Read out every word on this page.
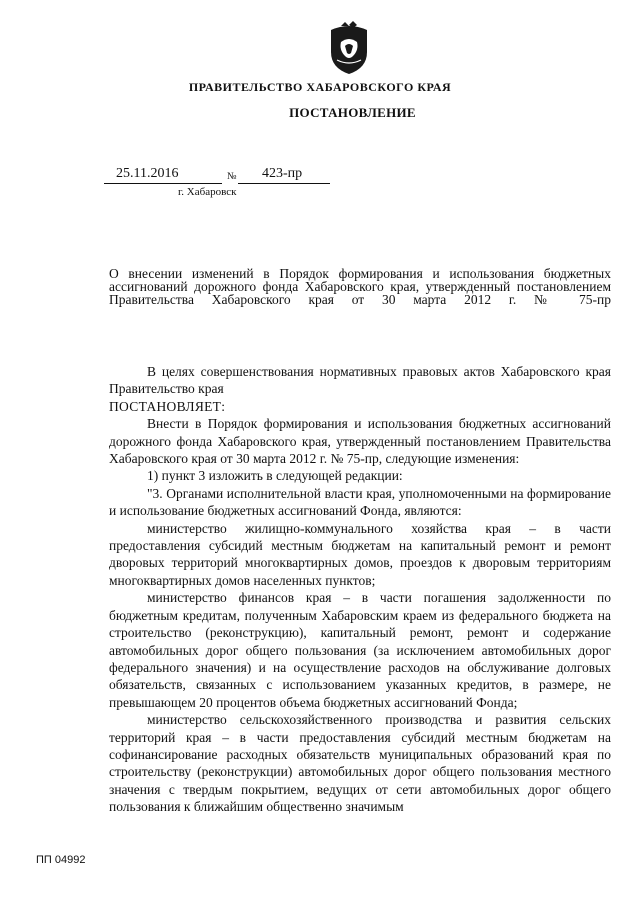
ПРАВИТЕЛЬСТВО ХАБАРОВСКОГО КРАЯ
ПОСТАНОВЛЕНИЕ
25.11.2016	№ 423-пр
г. Хабаровск
О внесении изменений в Порядок формирования и использования бюджетных ассигнований дорожного фонда Хабаровского края, утвержденный постановлением Правительства Хабаровского края от 30 марта 2012 г. № 75-пр

В целях совершенствования нормативных правовых актов Хабаровского края Правительство края

ПОСТАНОВЛЯЕТ:

Внести в Порядок формирования и использования бюджетных ассигнований дорожного фонда Хабаровского края, утвержденный постановлением Правительства Хабаровского края от 30 марта 2012 г. № 75-пр, следующие изменения:

1) пункт 3 изложить в следующей редакции:

"3. Органами исполнительной власти края, уполномоченными на формирование и использование бюджетных ассигнований Фонда, являются:

министерство жилищно-коммунального хозяйства края – в части предоставления субсидий местным бюджетам на капитальный ремонт и ремонт дворовых территорий многоквартирных домов, проездов к дворовым территориям многоквартирных домов населенных пунктов;

министерство финансов края – в части погашения задолженности по бюджетным кредитам, полученным Хабаровским краем из федерального бюджета на строительство (реконструкцию), капитальный ремонт, ремонт и содержание автомобильных дорог общего пользования (за исключением автомобильных дорог федерального значения) и на осуществление расходов на обслуживание долговых обязательств, связанных с использованием указанных кредитов, в размере, не превышающем 20 процентов объема бюджетных ассигнований Фонда;

министерство сельскохозяйственного производства и развития сельских территорий края – в части предоставления субсидий местным бюджетам на софинансирование расходных обязательств муниципальных образований края по строительству (реконструкции) автомобильных дорог общего пользования местного значения с твердым покрытием, ведущих от сети автомобильных дорог общего пользования к ближайшим общественно значимым

ПП 04992
